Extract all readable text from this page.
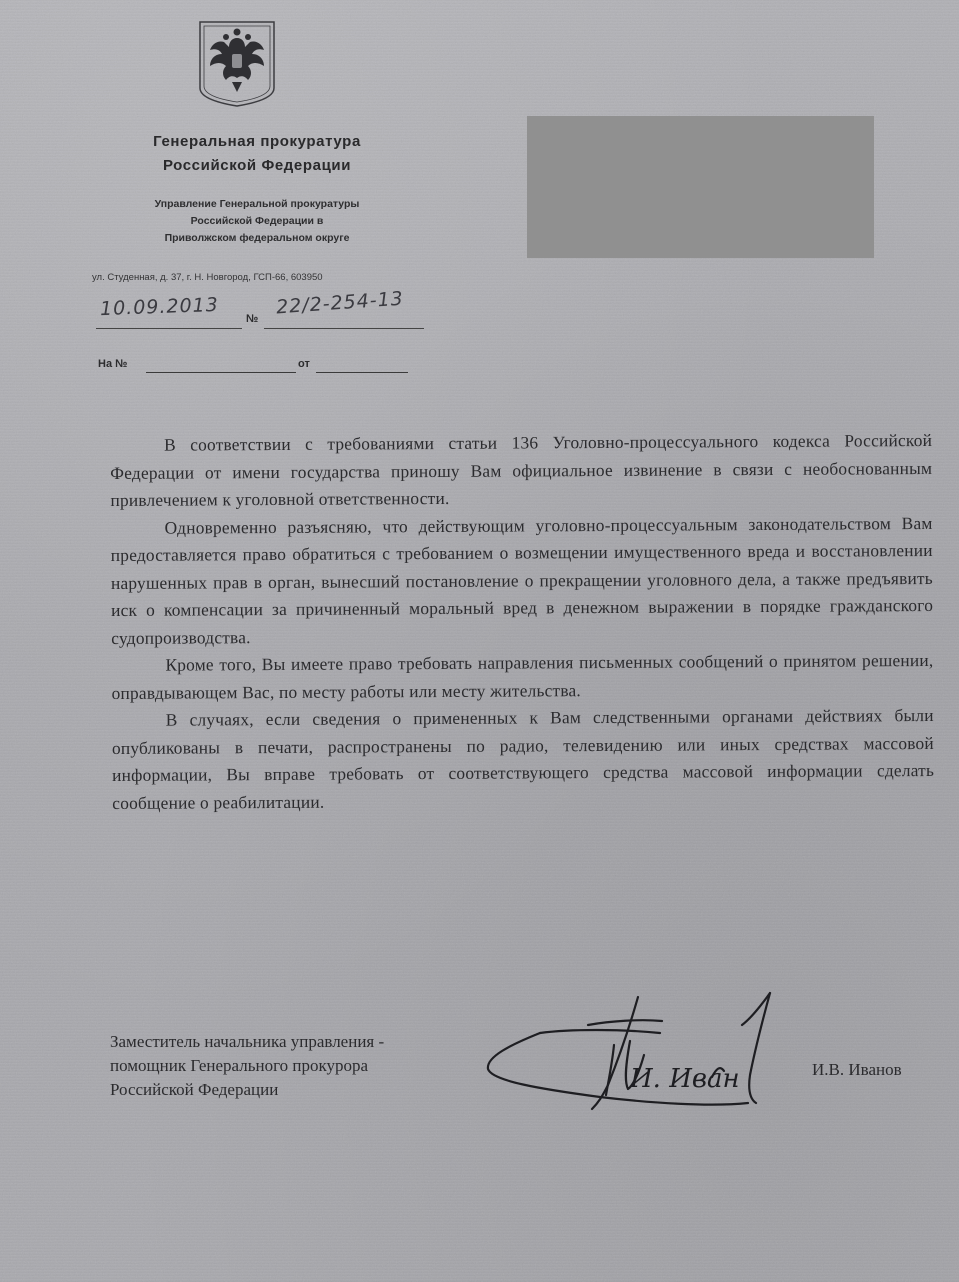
Генеральная прокуратура
Российской Федерации
Управление Генеральной прокуратуры
Российской Федерации в
Приволжском федеральном округе
ул. Студенная, д. 37, г. Н. Новгород, ГСП-66, 603950
10.09.2013 №
22/2-254-13
На №	от

В соответствии с требованиями статьи 136 Уголовно-процессуального кодекса Российской Федерации от имени государства приношу Вам официальное извинение в связи с необоснованным привлечением к уголовной ответственности.

Одновременно разъясняю, что действующим уголовно-процессуальным законодательством Вам предоставляется право обратиться с требованием о возмещении имущественного вреда и восстановлении нарушенных прав в орган, вынесший постановление о прекращении уголовного дела, а также предъявить иск о компенсации за причиненный моральный вред в денежном выражении в порядке гражданского судопроизводства.

Кроме того, Вы имеете право требовать направления письменных сообщений о принятом решении, оправдывающем Вас, по месту работы или месту жительства.

В случаях, если сведения о примененных к Вам следственными органами действиях были опубликованы в печати, распространены по радио, телевидению или иных средствах массовой информации, Вы вправе требовать от соответствующего средства массовой информации сделать сообщение о реабилитации.

Заместитель начальника управления -
помощник Генерального прокурора
Российской Федерации	И. Иван	И.В. Иванов
